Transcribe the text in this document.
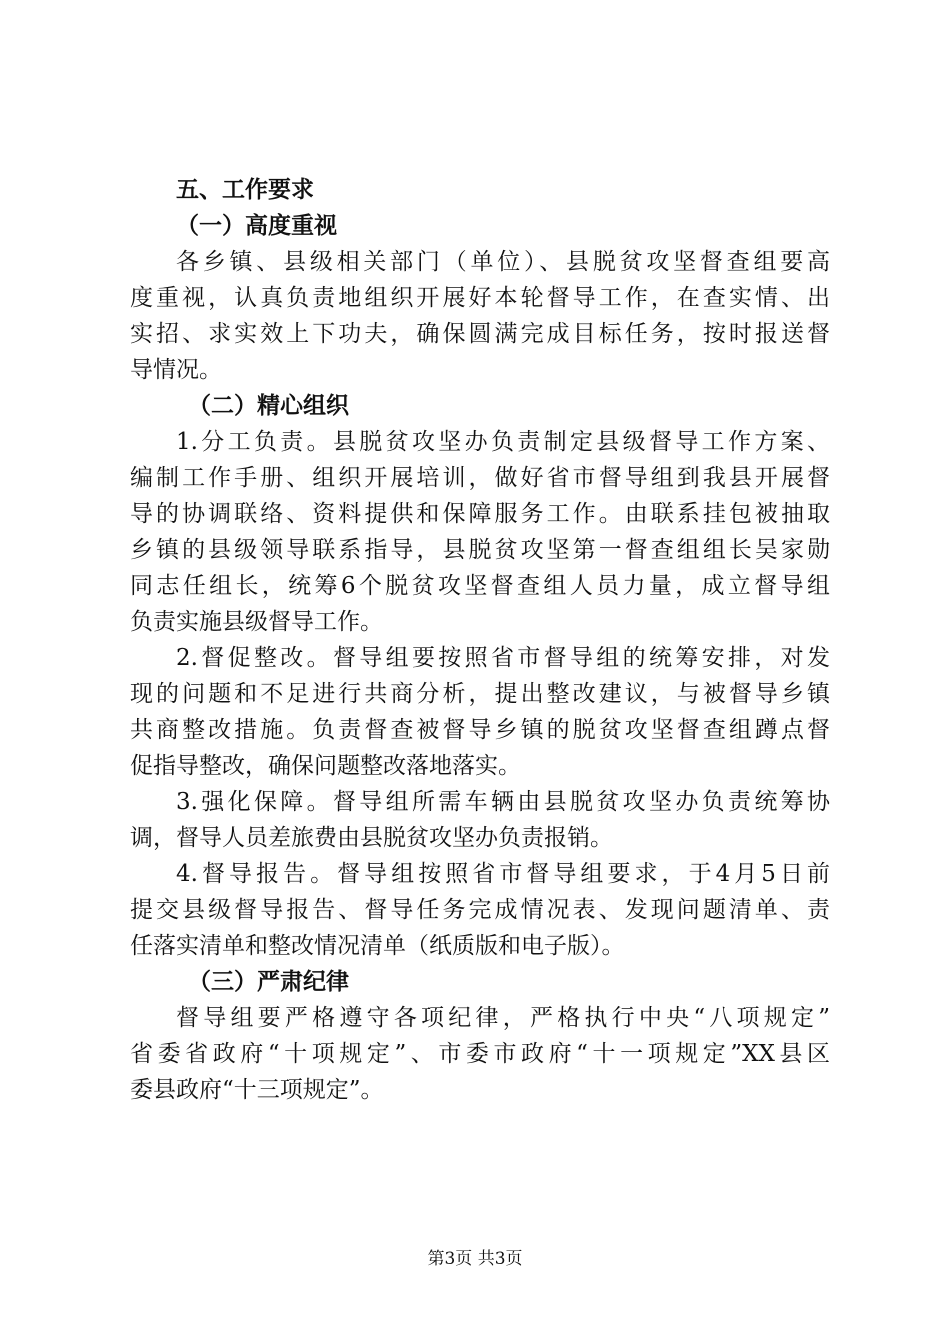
五、工作要求
（一）高度重视
各乡镇、县级相关部门（单位）、县脱贫攻坚督查组要高
度重视，认真负责地组织开展好本轮督导工作，在查实情、出
实招、求实效上下功夫，确保圆满完成目标任务，按时报送督
导情况。
（二）精心组织
1.分工负责。县脱贫攻坚办负责制定县级督导工作方案、
编制工作手册、组织开展培训，做好省市督导组到我县开展督
导的协调联络、资料提供和保障服务工作。由联系挂包被抽取
乡镇的县级领导联系指导，县脱贫攻坚第一督查组组长吴家勋
同志任组长，统筹6个脱贫攻坚督查组人员力量，成立督导组
负责实施县级督导工作。
2.督促整改。督导组要按照省市督导组的统筹安排，对发
现的问题和不足进行共商分析，提出整改建议，与被督导乡镇
共商整改措施。负责督查被督导乡镇的脱贫攻坚督查组蹲点督
促指导整改，确保问题整改落地落实。
3.强化保障。督导组所需车辆由县脱贫攻坚办负责统筹协
调，督导人员差旅费由县脱贫攻坚办负责报销。
4.督导报告。督导组按照省市督导组要求，于4月5日前
提交县级督导报告、督导任务完成情况表、发现问题清单、责
任落实清单和整改情况清单（纸质版和电子版）。
（三）严肃纪律
督导组要严格遵守各项纪律，严格执行中央“八项规定”
省委省政府“十项规定”、市委市政府“十一项规定”XX县区
委县政府“十三项规定”。
第3页 共3页
